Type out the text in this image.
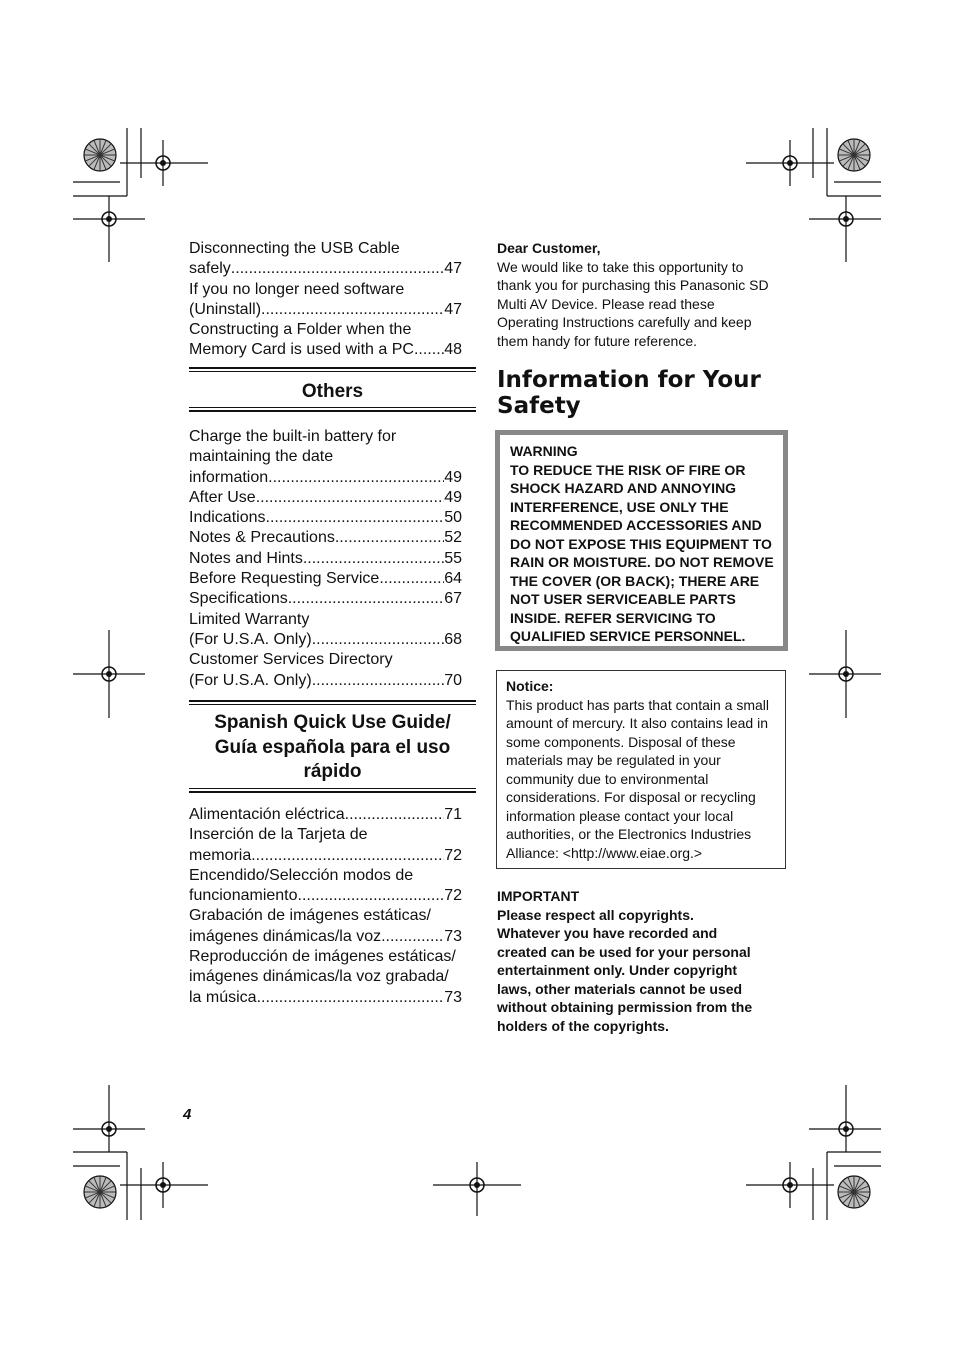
Disconnecting the USB Cable
safely .....	47
If you no longer need software
(Uninstall) .....	47
Constructing a Folder when the
Memory Card is used with a PC ..... 48
Others
Charge the built-in battery for
maintaining the date
information .....	49
After Use .....	49
Indications .....	50
Notes & Precautions .....	52
Notes and Hints .....	55
Before Requesting Service .....	64
Specifications .....	67
Limited Warranty
(For U.S.A. Only) .....	68
Customer Services Directory
(For U.S.A. Only) .....	70
Spanish Quick Use Guide/
Guía española para el uso
rápido
Alimentación eléctrica .....	71
Inserción de la Tarjeta de
memoria .....	72
Encendido/Selección modos de
funcionamiento .....	72
Grabación de imágenes estáticas/
imágenes dinámicas/la voz .....	73
Reproducción de imágenes estáticas/
imágenes dinámicas/la voz grabada/
la música .....	73
Dear Customer,
We would like to take this opportunity to
thank you for purchasing this Panasonic SD
Multi AV Device. Please read these
Operating Instructions carefully and keep
them handy for future reference.
Information for Your
Safety
WARNING
TO REDUCE THE RISK OF FIRE OR
SHOCK HAZARD AND ANNOYING
INTERFERENCE, USE ONLY THE
RECOMMENDED ACCESSORIES AND
DO NOT EXPOSE THIS EQUIPMENT TO
RAIN OR MOISTURE. DO NOT REMOVE
THE COVER (OR BACK); THERE ARE
NOT USER SERVICEABLE PARTS
INSIDE. REFER SERVICING TO
QUALIFIED SERVICE PERSONNEL.
Notice:
This product has parts that contain a small
amount of mercury. It also contains lead in
some components. Disposal of these
materials may be regulated in your
community due to environmental
considerations. For disposal or recycling
information please contact your local
authorities, or the Electronics Industries
Alliance: <http://www.eiae.org.>
IMPORTANT
Please respect all copyrights.
Whatever you have recorded and
created can be used for your personal
entertainment only. Under copyright
laws, other materials cannot be used
without obtaining permission from the
holders of the copyrights.
4
